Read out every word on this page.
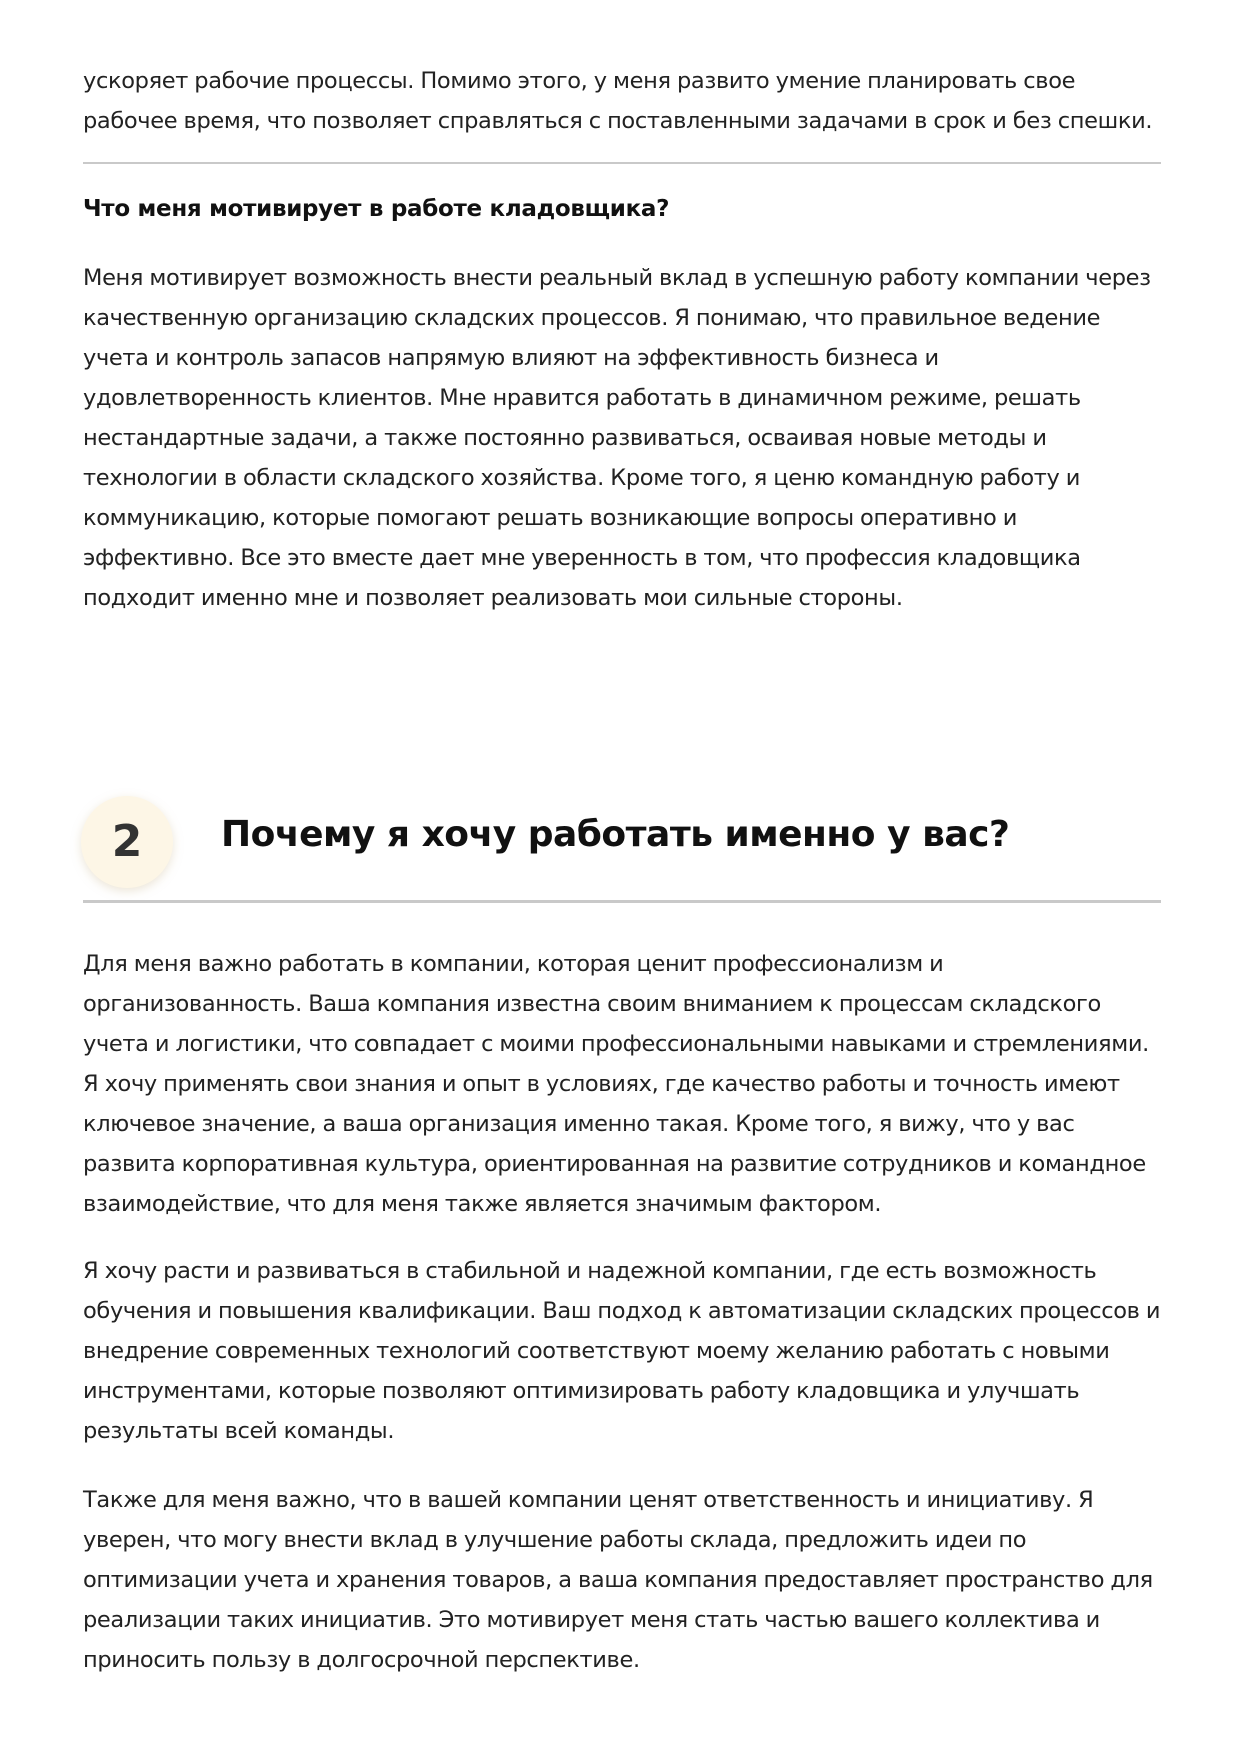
ускоряет рабочие процессы. Помимо этого, у меня развито умение планировать свое рабочее время, что позволяет справляться с поставленными задачами в срок и без спешки.

Что меня мотивирует в работе кладовщика?

Меня мотивирует возможность внести реальный вклад в успешную работу компании через качественную организацию складских процессов. Я понимаю, что правильное ведение учета и контроль запасов напрямую влияют на эффективность бизнеса и удовлетворенность клиентов. Мне нравится работать в динамичном режиме, решать нестандартные задачи, а также постоянно развиваться, осваивая новые методы и технологии в области складского хозяйства. Кроме того, я ценю командную работу и коммуникацию, которые помогают решать возникающие вопросы оперативно и эффективно. Все это вместе дает мне уверенность в том, что профессия кладовщика подходит именно мне и позволяет реализовать мои сильные стороны.

2 Почему я хочу работать именно у вас?

Для меня важно работать в компании, которая ценит профессионализм и организованность. Ваша компания известна своим вниманием к процессам складского учета и логистики, что совпадает с моими профессиональными навыками и стремлениями. Я хочу применять свои знания и опыт в условиях, где качество работы и точность имеют ключевое значение, а ваша организация именно такая. Кроме того, я вижу, что у вас развита корпоративная культура, ориентированная на развитие сотрудников и командное взаимодействие, что для меня также является значимым фактором.

Я хочу расти и развиваться в стабильной и надежной компании, где есть возможность обучения и повышения квалификации. Ваш подход к автоматизации складских процессов и внедрение современных технологий соответствуют моему желанию работать с новыми инструментами, которые позволяют оптимизировать работу кладовщика и улучшать результаты всей команды.

Также для меня важно, что в вашей компании ценят ответственность и инициативу. Я уверен, что могу внести вклад в улучшение работы склада, предложить идеи по оптимизации учета и хранения товаров, а ваша компания предоставляет пространство для реализации таких инициатив. Это мотивирует меня стать частью вашего коллектива и приносить пользу в долгосрочной перспективе.
